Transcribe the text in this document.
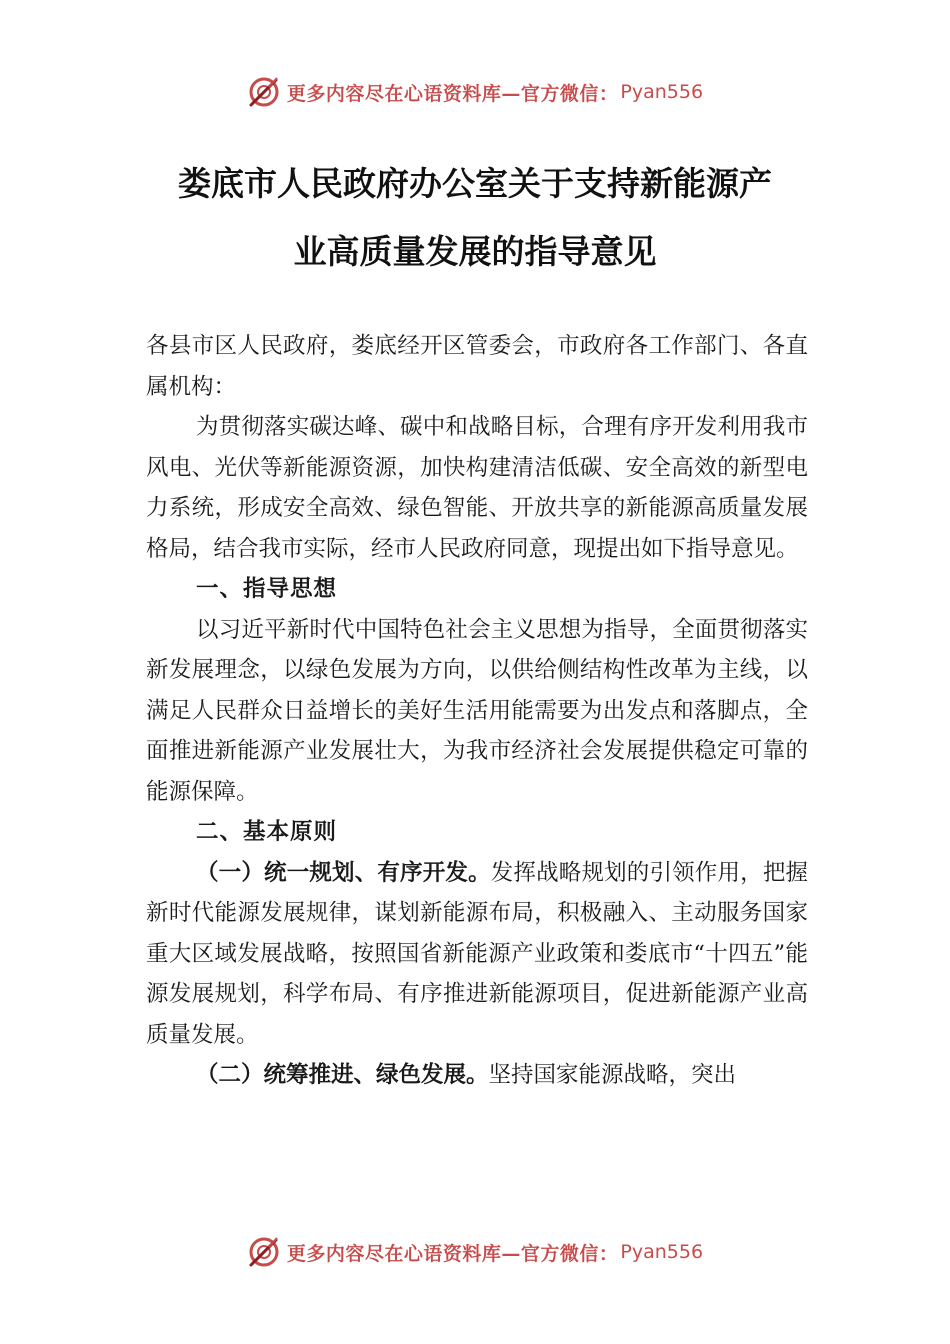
更多内容尽在心语资料库—官方微信： Pyan556
娄底市人民政府办公室关于支持新能源产
业高质量发展的指导意见

各县市区人民政府，娄底经开区管委会，市政府各工作部门、各直属机构：

为贯彻落实碳达峰、碳中和战略目标，合理有序开发利用我市风电、光伏等新能源资源，加快构建清洁低碳、安全高效的新型电力系统，形成安全高效、绿色智能、开放共享的新能源高质量发展格局，结合我市实际，经市人民政府同意，现提出如下指导意见。

一、指导思想

以习近平新时代中国特色社会主义思想为指导，全面贯彻落实新发展理念，以绿色发展为方向，以供给侧结构性改革为主线，以满足人民群众日益增长的美好生活用能需要为出发点和落脚点，全面推进新能源产业发展壮大，为我市经济社会发展提供稳定可靠的能源保障。

二、基本原则

（一）统一规划、有序开发。发挥战略规划的引领作用，把握新时代能源发展规律，谋划新能源布局，积极融入、主动服务国家重大区域发展战略，按照国省新能源产业政策和娄底市“十四五”能源发展规划，科学布局、有序推进新能源项目，促进新能源产业高质量发展。

（二）统筹推进、绿色发展。坚持国家能源战略，突出

更多内容尽在心语资料库—官方微信： Pyan556
